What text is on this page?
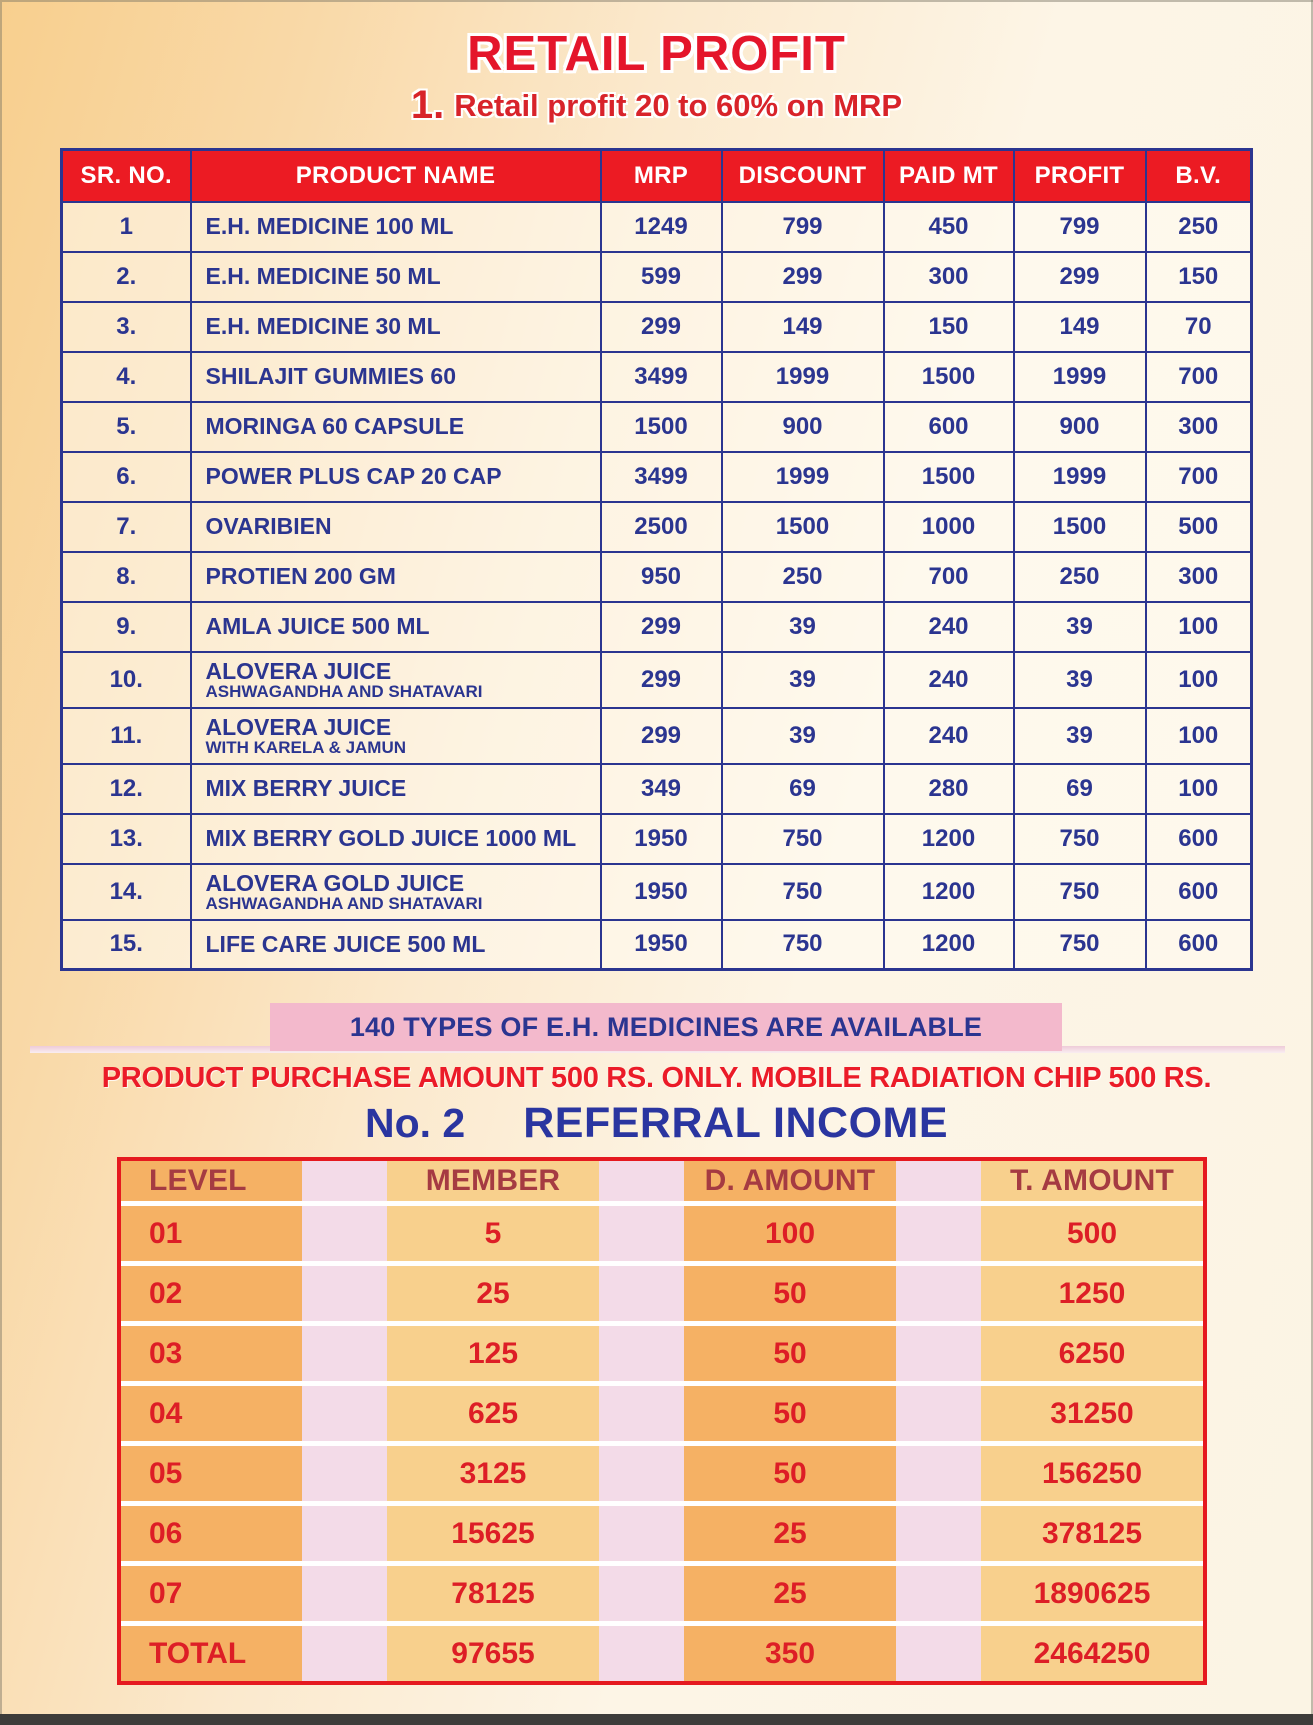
RETAIL PROFIT
1. Retail profit 20 to 60% on MRP
SR. NO.	PRODUCT NAME	MRP	DISCOUNT	PAID MT	PROFIT	B.V.
1	E.H. MEDICINE 100 ML	1249	799	450	799	250
2.	E.H. MEDICINE 50 ML	599	299	300	299	150
3.	E.H. MEDICINE 30 ML	299	149	150	149	70
4.	SHILAJIT GUMMIES 60	3499	1999	1500	1999	700
5.	MORINGA 60 CAPSULE	1500	900	600	900	300
6.	POWER PLUS CAP 20 CAP	3499	1999	1500	1999	700
7.	OVARIBIEN	2500	1500	1000	1500	500
8.	PROTIEN 200 GM	950	250	700	250	300
9.	AMLA JUICE 500 ML	299	39	240	39	100
10.	ALOVERA JUICE
ASHWAGANDHA AND SHATAVARI	299	39	240	39	100
11.	ALOVERA JUICE
WITH KARELA & JAMUN	299	39	240	39	100
12.	MIX BERRY JUICE	349	69	280	69	100
13.	MIX BERRY GOLD JUICE 1000 ML	1950	750	1200	750	600
14.	ALOVERA GOLD JUICE
ASHWAGANDHA AND SHATAVARI	1950	750	1200	750	600
15.	LIFE CARE JUICE 500 ML	1950	750	1200	750	600
140 TYPES OF E.H. MEDICINES ARE AVAILABLE
PRODUCT PURCHASE AMOUNT 500 RS. ONLY. MOBILE RADIATION CHIP 500 RS.
No. 2 REFERRAL INCOME
LEVEL	MEMBER	D. AMOUNT	T. AMOUNT
01	5	100	500
02	25	50	1250
03	125	50	6250
04	625	50	31250
05	3125	50	156250
06	15625	25	378125
07	78125	25	1890625
TOTAL	97655	350	2464250
